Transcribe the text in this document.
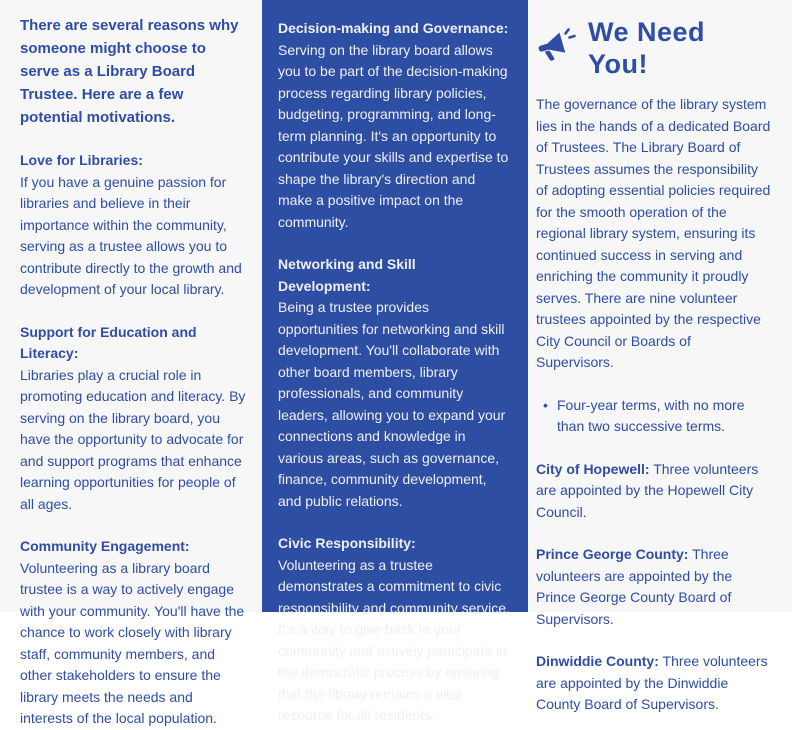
There are several reasons why someone might choose to serve as a Library Board Trustee. Here are a few potential motivations.

Love for Libraries:

If you have a genuine passion for libraries and believe in their importance within the community, serving as a trustee allows you to contribute directly to the growth and development of your local library.

Support for Education and Literacy:

Libraries play a crucial role in promoting education and literacy. By serving on the library board, you have the opportunity to advocate for and support programs that enhance learning opportunities for people of all ages.

Community Engagement:

Volunteering as a library board trustee is a way to actively engage with your community. You'll have the chance to work closely with library staff, community members, and other stakeholders to ensure the library meets the needs and interests of the local population.

Decision-making and Governance:

Serving on the library board allows you to be part of the decision-making process regarding library policies, budgeting, programming, and long-term planning. It's an opportunity to contribute your skills and expertise to shape the library's direction and make a positive impact on the community.

Networking and Skill Development:

Being a trustee provides opportunities for networking and skill development. You'll collaborate with other board members, library professionals, and community leaders, allowing you to expand your connections and knowledge in various areas, such as governance, finance, community development, and public relations.

Civic Responsibility:

Volunteering as a trustee demonstrates a commitment to civic responsibility and community service. It's a way to give back to your community and actively participate in the democratic process by ensuring that the library remains a vital resource for all residents.

We Need You!

The governance of the library system lies in the hands of a dedicated Board of Trustees. The Library Board of Trustees assumes the responsibility of adopting essential policies required for the smooth operation of the regional library system, ensuring its continued success in serving and enriching the community it proudly serves. There are nine volunteer trustees appointed by the respective City Council or Boards of Supervisors.

• Four-year terms, with no more than two successive terms.

City of Hopewell: Three volunteers are appointed by the Hopewell City Council.

Prince George County: Three volunteers are appointed by the Prince George County Board of Supervisors.

Dinwiddie County: Three volunteers are appointed by the Dinwiddie County Board of Supervisors.
